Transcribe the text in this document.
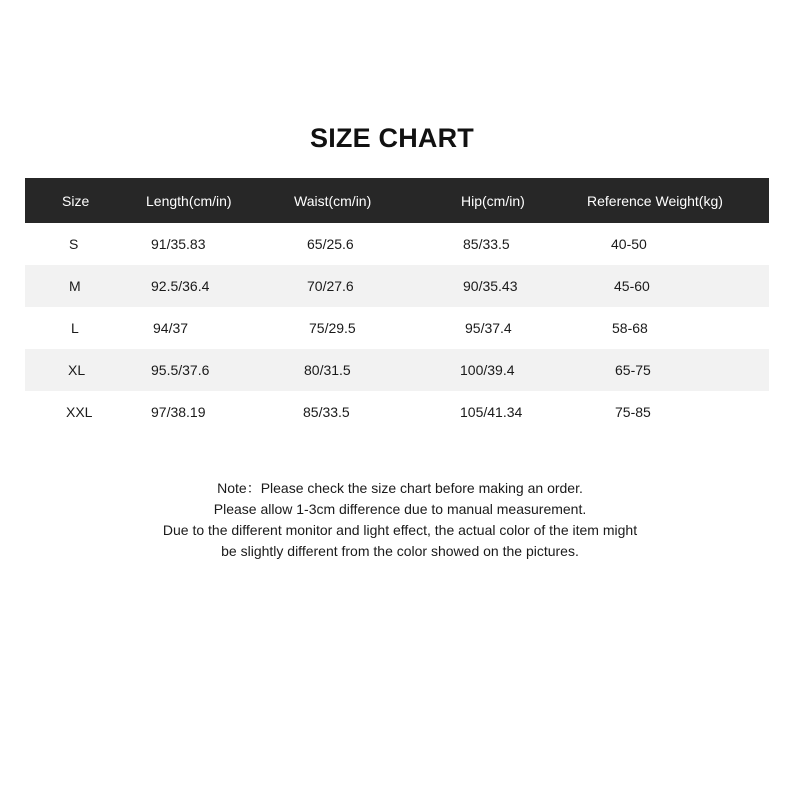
SIZE CHART
Size	Length(cm/in)	Waist(cm/in)	Hip(cm/in)	Reference Weight(kg)
S	91/35.83	65/25.6	85/33.5	40-50
M	92.5/36.4	70/27.6	90/35.43	45-60
L	94/37	75/29.5	95/37.4	58-68
XL	95.5/37.6	80/31.5	100/39.4	65-75
XXL	97/38.19	85/33.5	105/41.34	75-85
Note：Please check the size chart before making an order.
Please allow 1-3cm difference due to manual measurement.
Due to the different monitor and light effect, the actual color of the item might
be slightly different from the color showed on the pictures.
